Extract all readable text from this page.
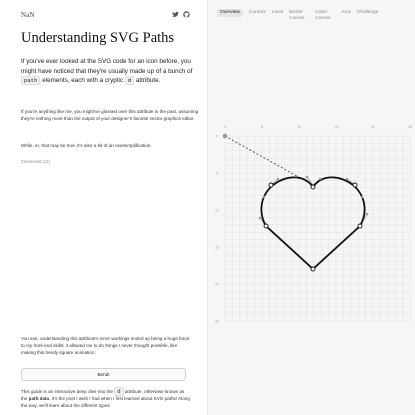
NaN
Understanding SVG Paths

If you've ever looked at the SVG code for an icon before, you might have noticed that they're usually made up of a bunch of path elements, each with a cryptic d attribute.

If you're anything like me, you might've glossed over this attribute in the past, assuming they're nothing more than the output of your designer's favorite vector graphics editor.

While, er, that may be true, it's also a bit of an oversimplification.

Comments (12)

You see, understanding this attribute's inner workings ended up being a huge boon to my front-end skills; it allowed me to do things I never thought possible, like making this bendy square animation:

Bend!

This guide is an interactive deep dive into the d attribute, otherwise known as the path data. It's the post I wish I had when I first learned about SVG paths! Along the way, we'll learn about the different types

Overview	Cursors Lines Bezier Curves
Cubic Curves
Arcs Challenge
0	5	10	15	20	25
0
5
10
15
20
25
